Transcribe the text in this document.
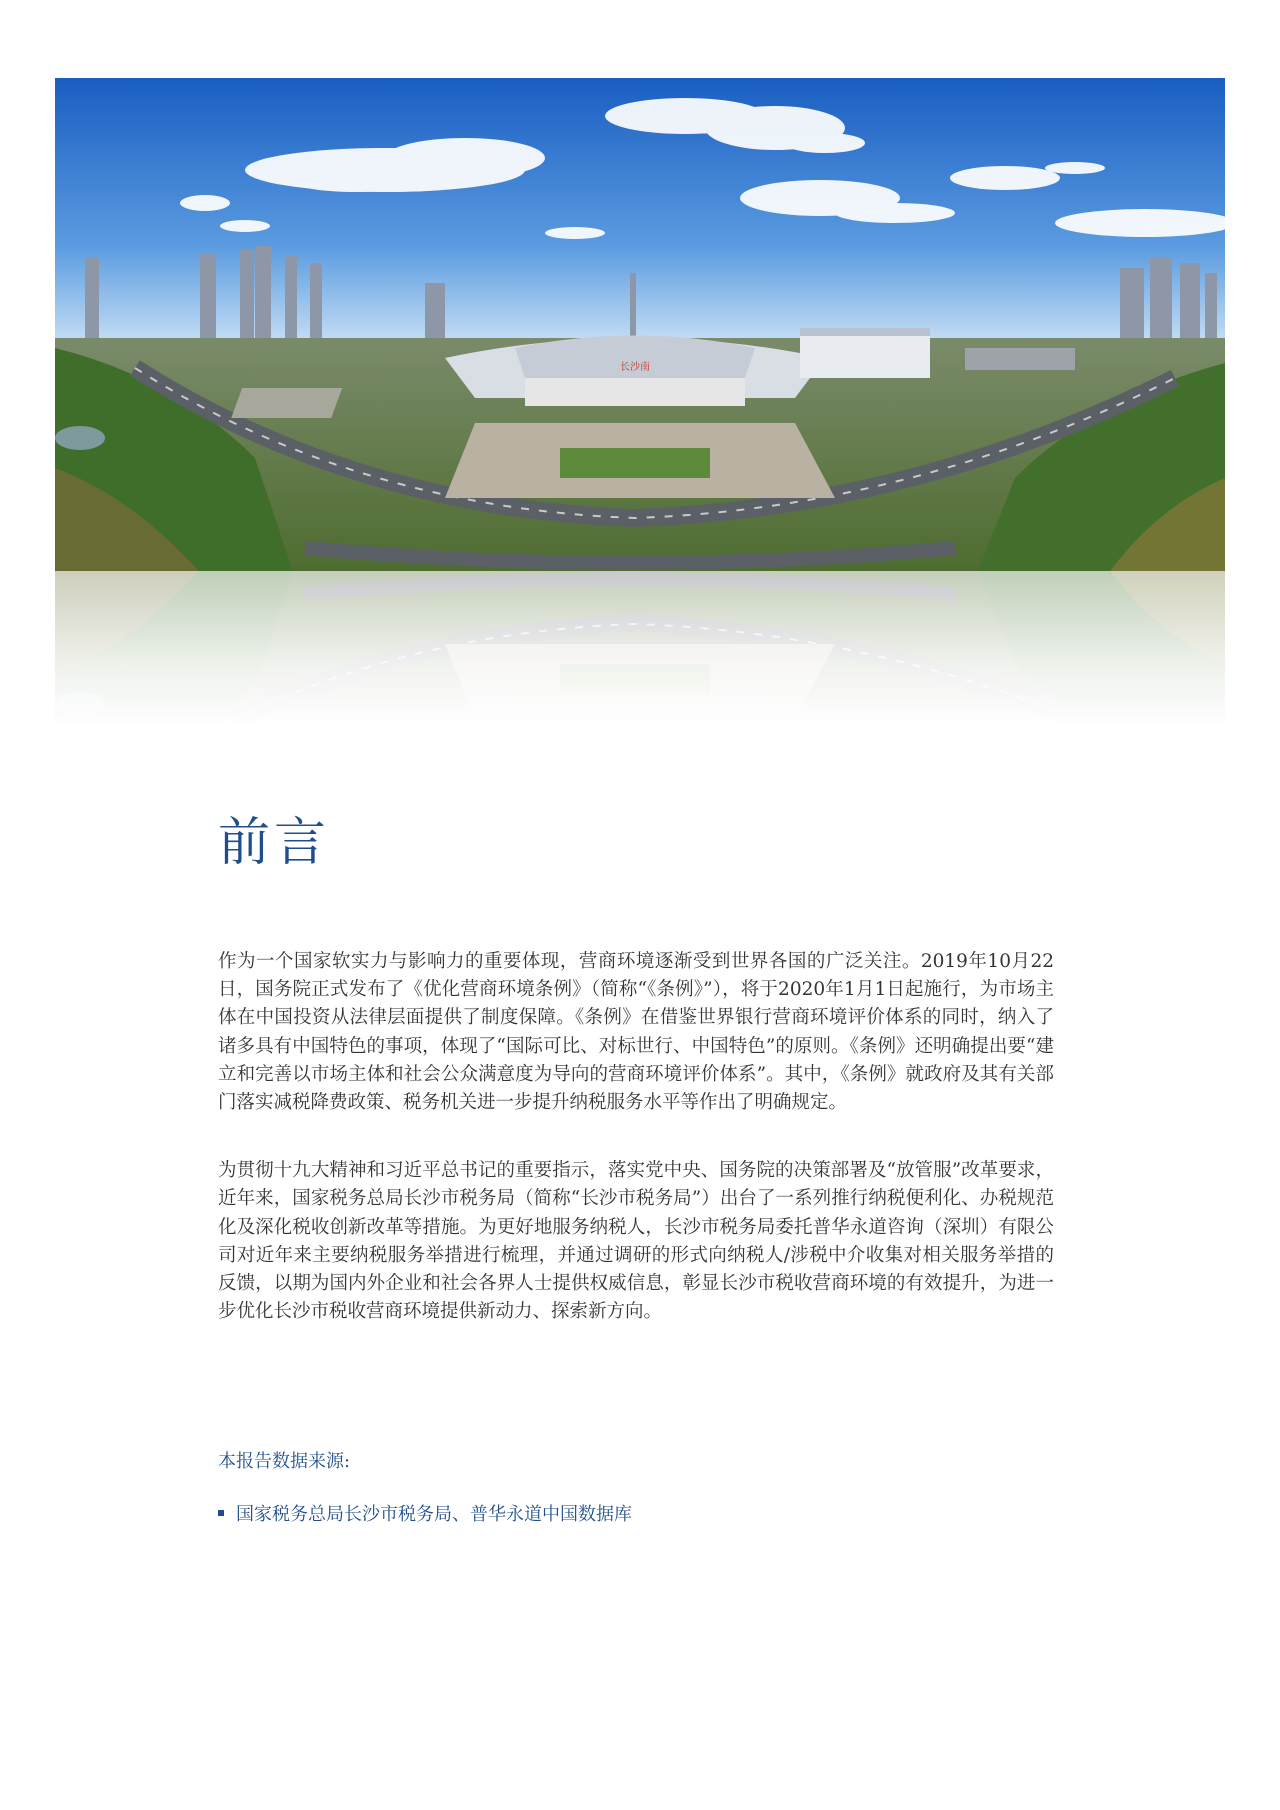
前言

作为一个国家软实力与影响力的重要体现，营商环境逐渐受到世界各国的广泛关注。2019年10月22日，国务院正式发布了《优化营商环境条例》（简称“《条例》”），将于2020年1月1日起施行，为市场主体在中国投资从法律层面提供了制度保障。《条例》在借鉴世界银行营商环境评价体系的同时，纳入了诸多具有中国特色的事项，体现了“国际可比、对标世行、中国特色”的原则。《条例》还明确提出要“建立和完善以市场主体和社会公众满意度为导向的营商环境评价体系”。其中，《条例》就政府及其有关部门落实减税降费政策、税务机关进一步提升纳税服务水平等作出了明确规定。

为贯彻十九大精神和习近平总书记的重要指示，落实党中央、国务院的决策部署及“放管服”改革要求，近年来，国家税务总局长沙市税务局（简称“长沙市税务局”）出台了一系列推行纳税便利化、办税规范化及深化税收创新改革等措施。为更好地服务纳税人，长沙市税务局委托普华永道咨询（深圳）有限公司对近年来主要纳税服务举措进行梳理，并通过调研的形式向纳税人/涉税中介收集对相关服务举措的反馈，以期为国内外企业和社会各界人士提供权威信息，彰显长沙市税收营商环境的有效提升，为进一步优化长沙市税收营商环境提供新动力、探索新方向。

本报告数据来源:

国家税务总局长沙市税务局、普华永道中国数据库
